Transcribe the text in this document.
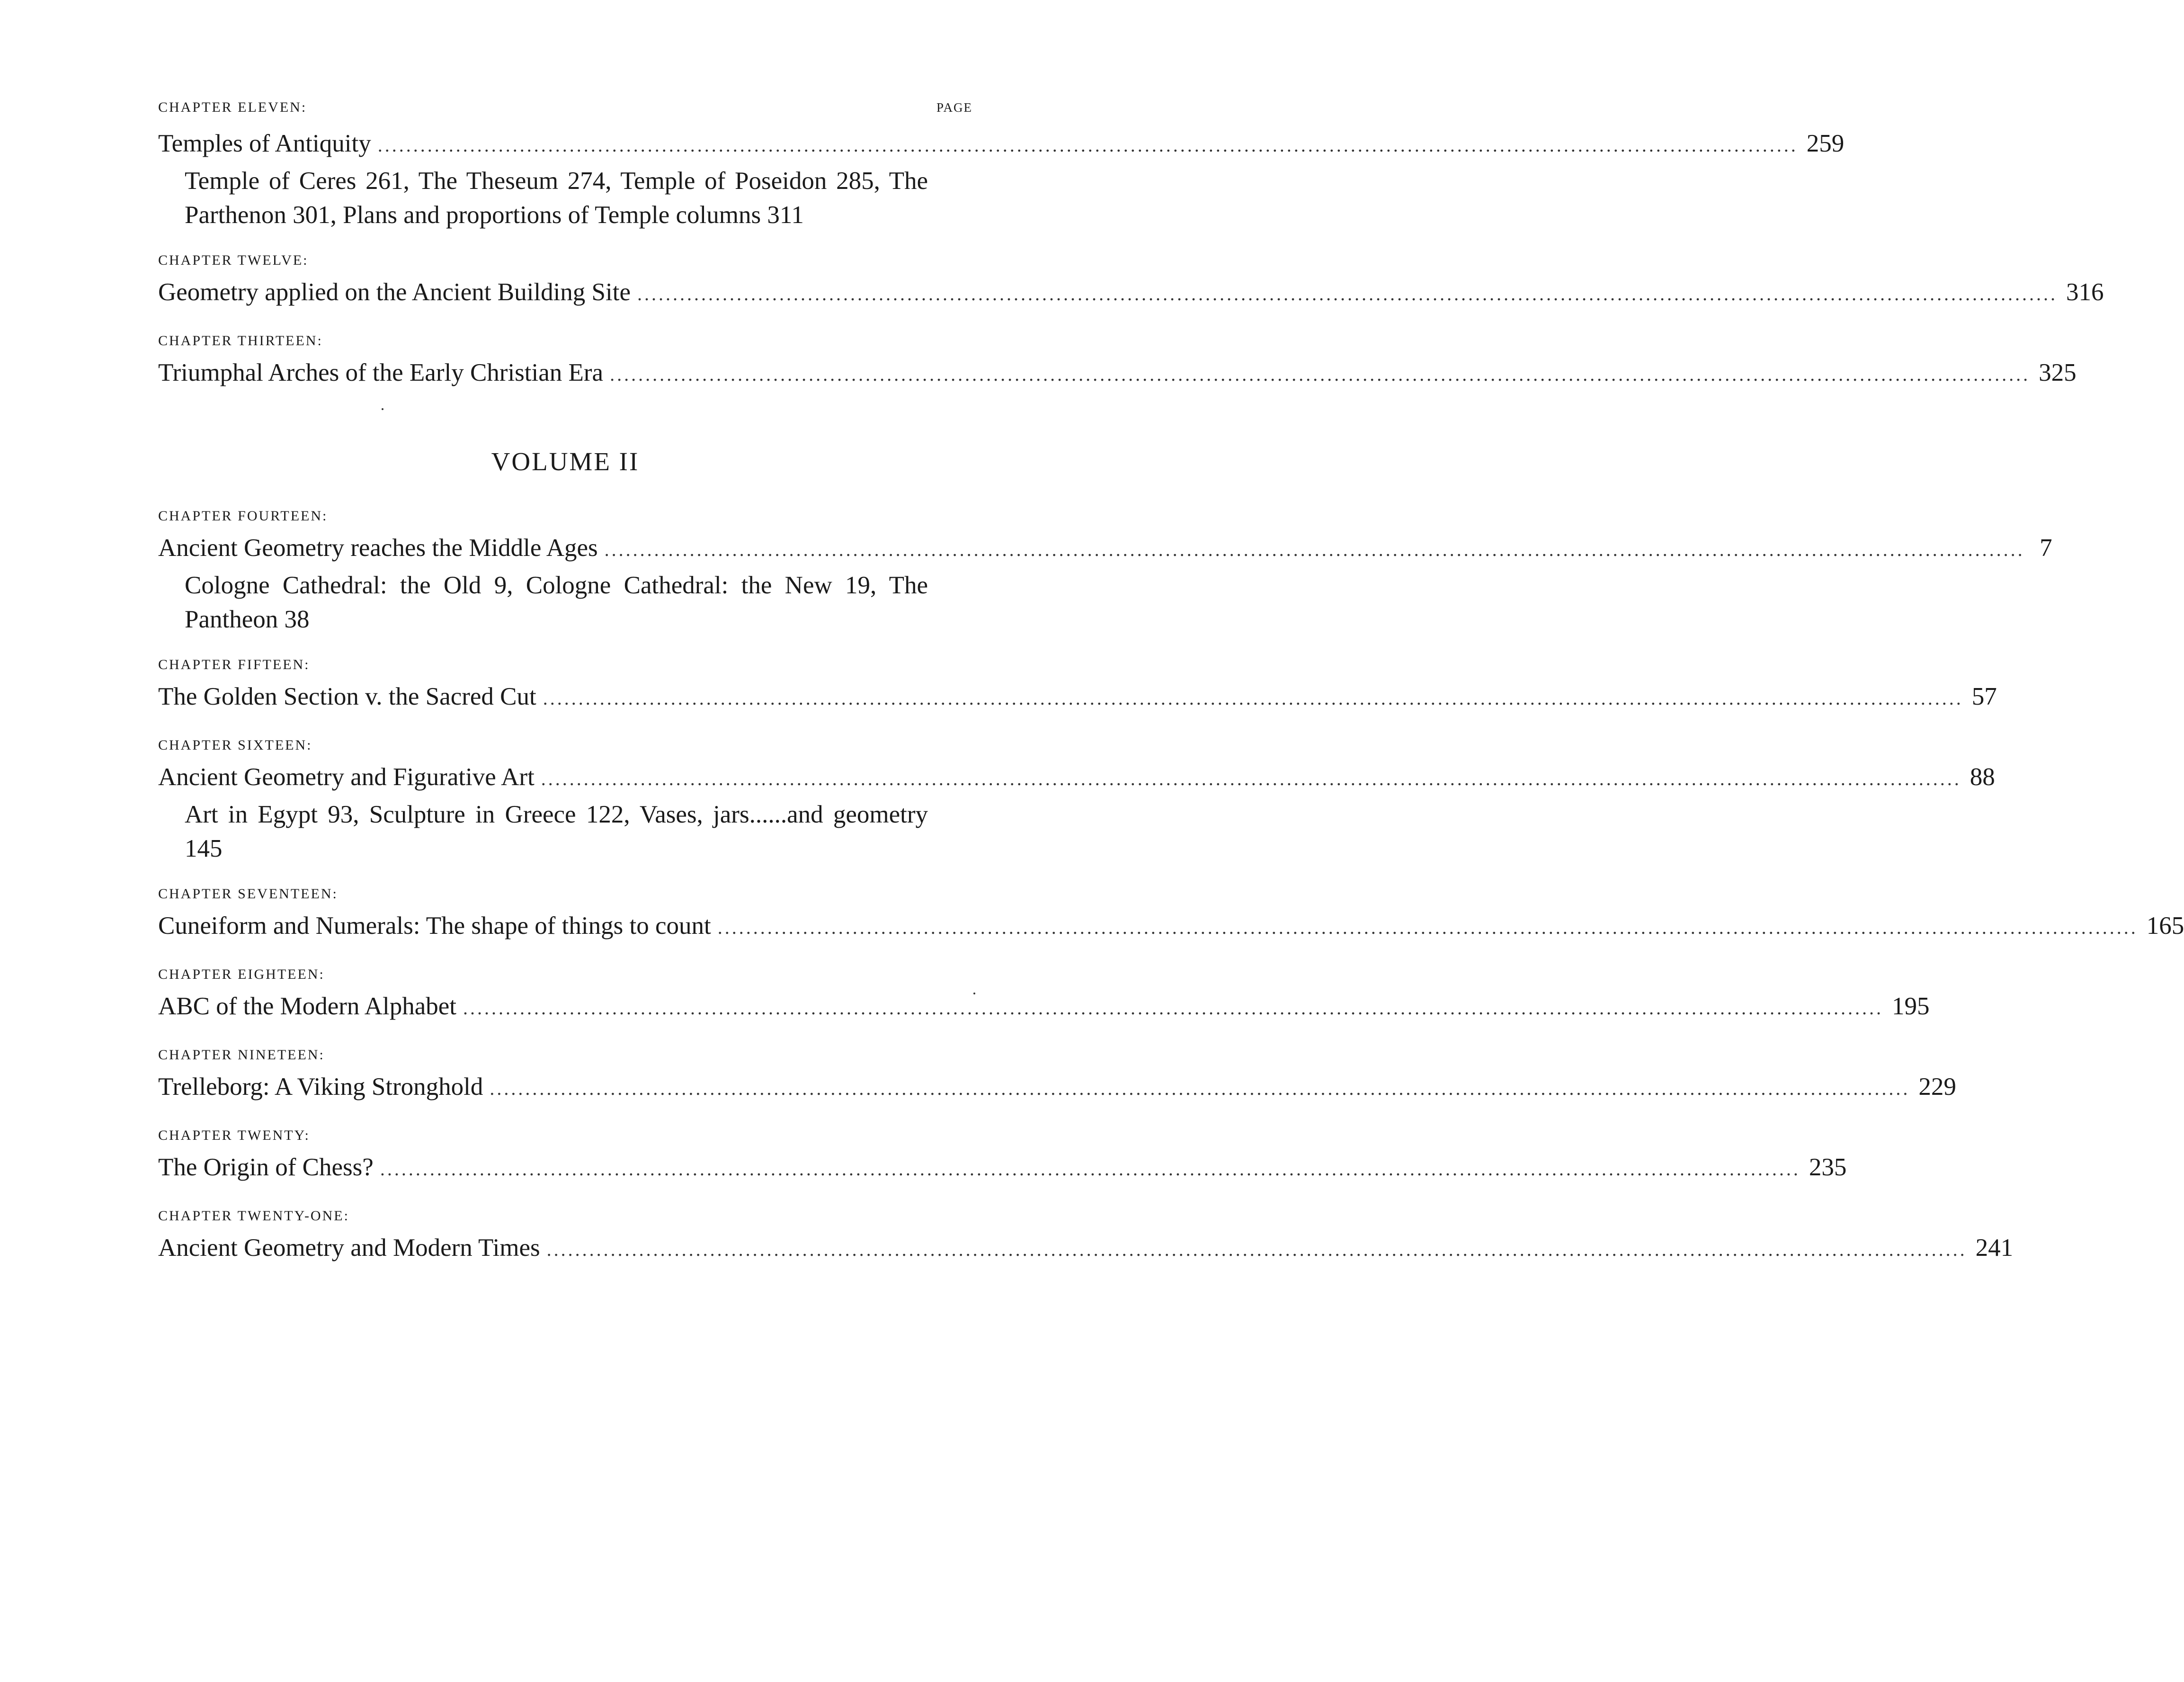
CHAPTER ELEVEN:	PAGE
Temples of Antiquity ........................................................................................................................................................................................................ 259
Temple of Ceres 261, The Theseum 274, Temple of Poseidon 285, The Parthenon 301, Plans and proportions of Temple columns 311
CHAPTER TWELVE:
Geometry applied on the Ancient Building Site ........................................................................................................................................................................................................ 316
CHAPTER THIRTEEN:
Triumphal Arches of the Early Christian Era ........................................................................................................................................................................................................ 325
VOLUME II
CHAPTER FOURTEEN:
Ancient Geometry reaches the Middle Ages ........................................................................................................................................................................................................ 7
Cologne Cathedral: the Old 9, Cologne Cathedral: the New 19, The Pantheon 38
CHAPTER FIFTEEN:
The Golden Section v. the Sacred Cut ........................................................................................................................................................................................................ 57
CHAPTER SIXTEEN:
Ancient Geometry and Figurative Art ........................................................................................................................................................................................................ 88
Art in Egypt 93, Sculpture in Greece 122, Vases, jars......and geometry 145
CHAPTER SEVENTEEN:
Cuneiform and Numerals: The shape of things to count ........................................................................................................................................................................................................ 165
CHAPTER EIGHTEEN:
ABC of the Modern Alphabet ........................................................................................................................................................................................................ 195
CHAPTER NINETEEN:
Trelleborg: A Viking Stronghold ........................................................................................................................................................................................................ 229
CHAPTER TWENTY:
The Origin of Chess? ........................................................................................................................................................................................................ 235
CHAPTER TWENTY-ONE:
Ancient Geometry and Modern Times ........................................................................................................................................................................................................ 241
